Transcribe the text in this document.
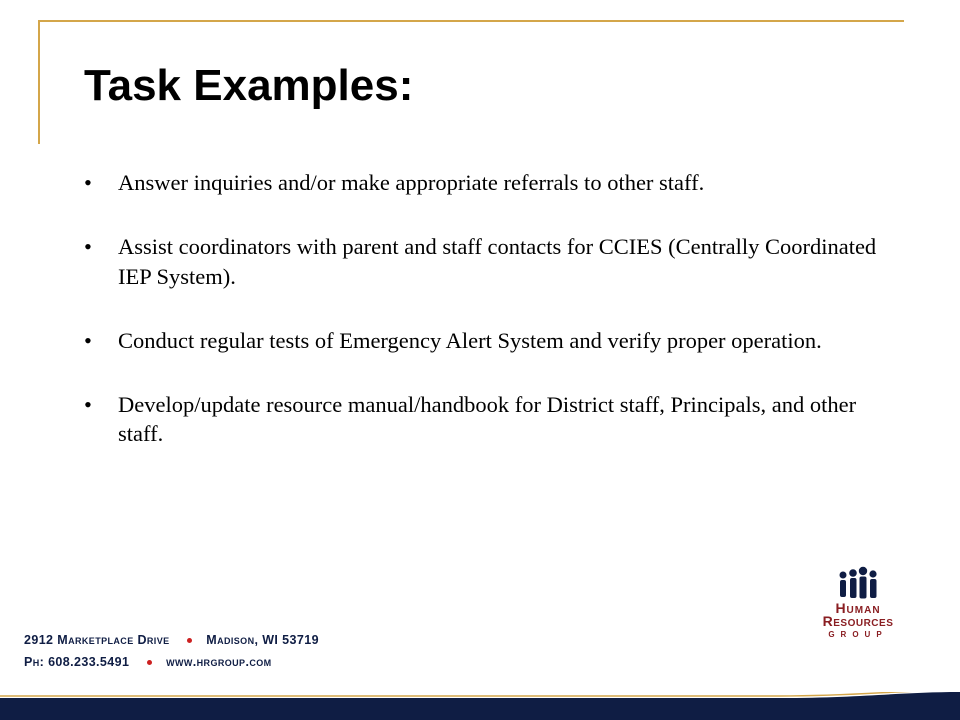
Task Examples:
• Answer inquiries and/or make appropriate referrals to other staff.
• Assist coordinators with parent and staff contacts for CCIES (Centrally Coordinated IEP System).
• Conduct regular tests of Emergency Alert System and verify proper operation.
• Develop/update resource manual/handbook for District staff, Principals, and other staff.
2912 Marketplace Drive	Madison, WI 53719
Ph: 608.233.5491	www.hrgroup.com
Human
Resources
GROUP
